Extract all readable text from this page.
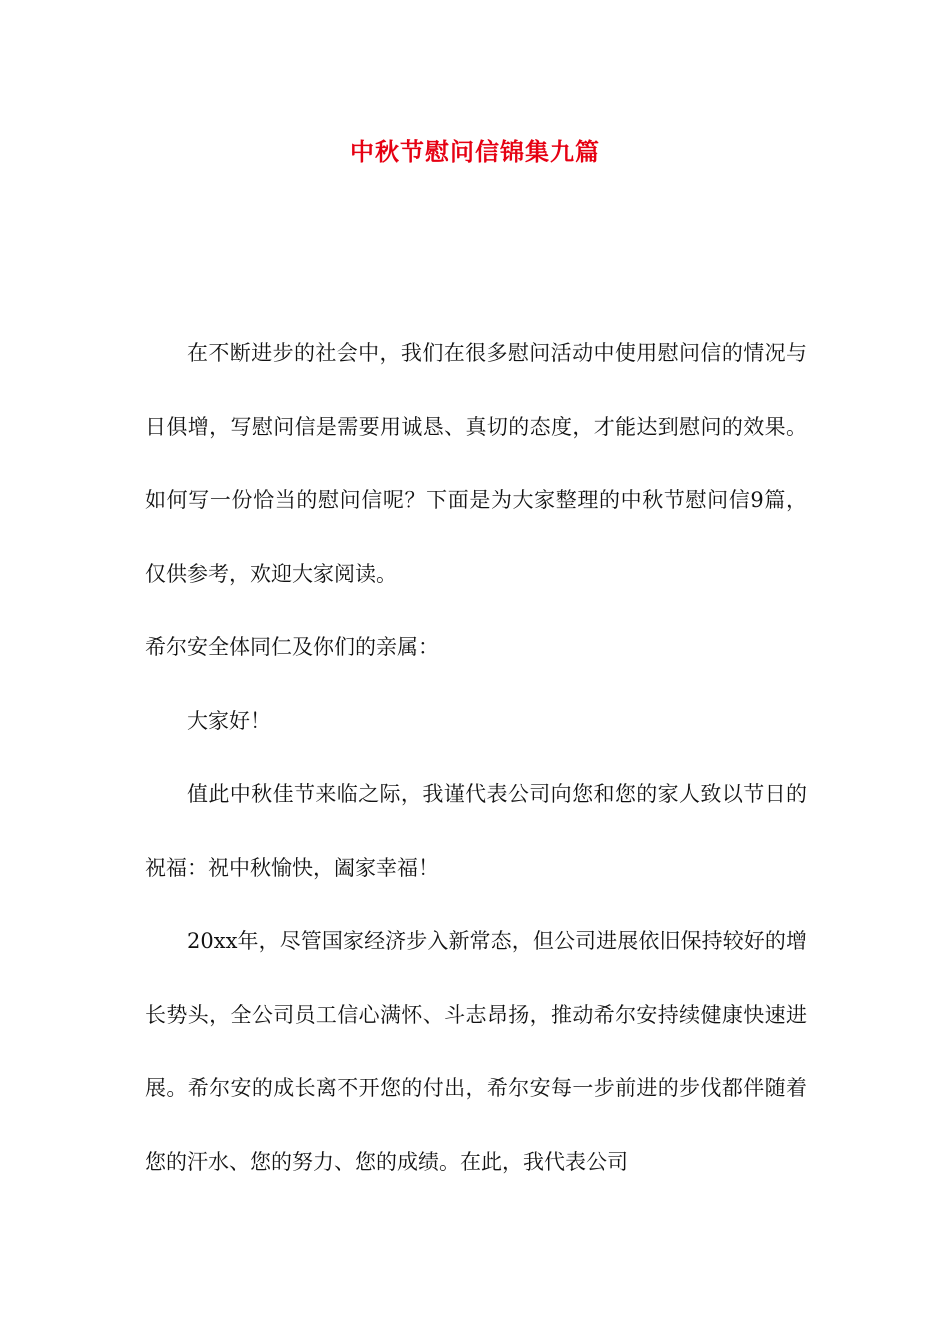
中秋节慰问信锦集九篇

在不断进步的社会中，我们在很多慰问活动中使用慰问信的情况与日俱增，写慰问信是需要用诚恳、真切的态度，才能达到慰问的效果。如何写一份恰当的慰问信呢？下面是为大家整理的中秋节慰问信9篇，仅供参考，欢迎大家阅读。

希尔安全体同仁及你们的亲属：

大家好！

值此中秋佳节来临之际，我谨代表公司向您和您的家人致以节日的祝福：祝中秋愉快，阖家幸福！

20xx年，尽管国家经济步入新常态，但公司进展依旧保持较好的增长势头，全公司员工信心满怀、斗志昂扬，推动希尔安持续健康快速进展。希尔安的成长离不开您的付出，希尔安每一步前进的步伐都伴随着您的汗水、您的努力、您的成绩。在此，我代表公司
